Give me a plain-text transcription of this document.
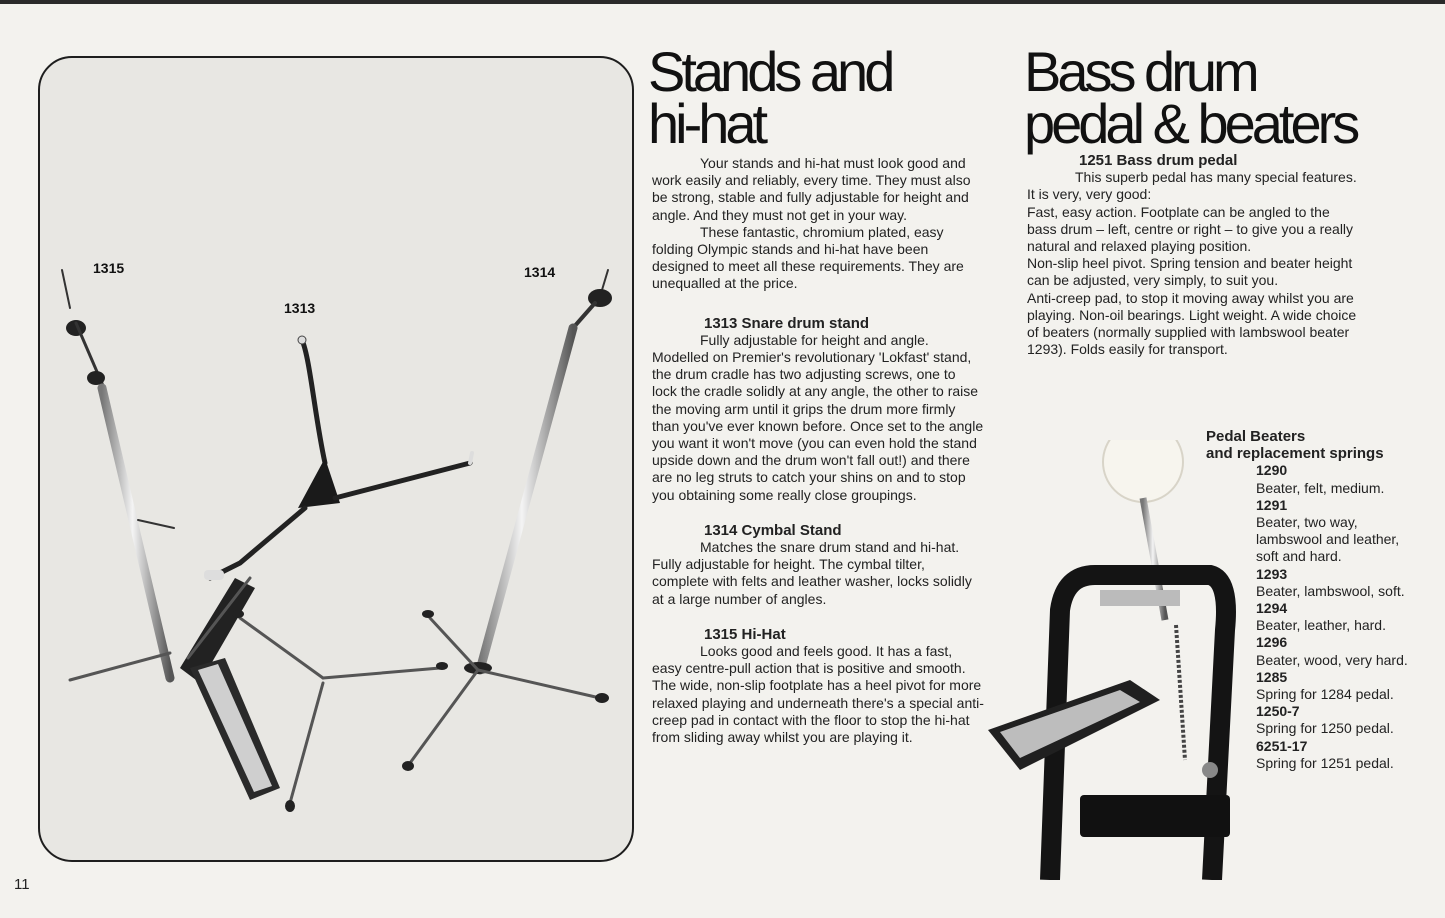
1315
1313
1314
11
Stands and
hi-hat

Your stands and hi-hat must look good and work easily and reliably, every time. They must also be strong, stable and fully adjustable for height and angle. And they must not get in your way.

These fantastic, chromium plated, easy folding Olympic stands and hi-hat have been designed to meet all these requirements. They are unequalled at the price.

1313 Snare drum stand

Fully adjustable for height and angle. Modelled on Premier's revolutionary 'Lokfast' stand, the drum cradle has two adjusting screws, one to lock the cradle solidly at any angle, the other to raise the moving arm until it grips the drum more firmly than you've ever known before. Once set to the angle you want it won't move (you can even hold the stand upside down and the drum won't fall out!) and there are no leg struts to catch your shins on and to stop you obtaining some really close groupings.

1314 Cymbal Stand

Matches the snare drum stand and hi-hat. Fully adjustable for height. The cymbal tilter, complete with felts and leather washer, locks solidly at a large number of angles.

1315 Hi-Hat

Looks good and feels good. It has a fast, easy centre-pull action that is positive and smooth. The wide, non-slip footplate has a heel pivot for more relaxed playing and underneath there's a special anti-creep pad in contact with the floor to stop the hi-hat from sliding away whilst you are playing it.

Bass drum
pedal & beaters
1251 Bass drum pedal

This superb pedal has many special features. It is very, very good:

Fast, easy action. Footplate can be angled to the bass drum – left, centre or right – to give you a really natural and relaxed playing position.

Non-slip heel pivot. Spring tension and beater height can be adjusted, very simply, to suit you.

Anti-creep pad, to stop it moving away whilst you are playing. Non-oil bearings. Light weight. A wide choice of beaters (normally supplied with lambswool beater 1293). Folds easily for transport.

Pedal Beaters
and replacement springs
1290
Beater, felt, medium.
1291
Beater, two way, lambswool and leather, soft and hard.
1293
Beater, lambswool, soft.
1294
Beater, leather, hard.
1296
Beater, wood, very hard.
1285
Spring for 1284 pedal.
1250-7
Spring for 1250 pedal.
6251-17
Spring for 1251 pedal.
